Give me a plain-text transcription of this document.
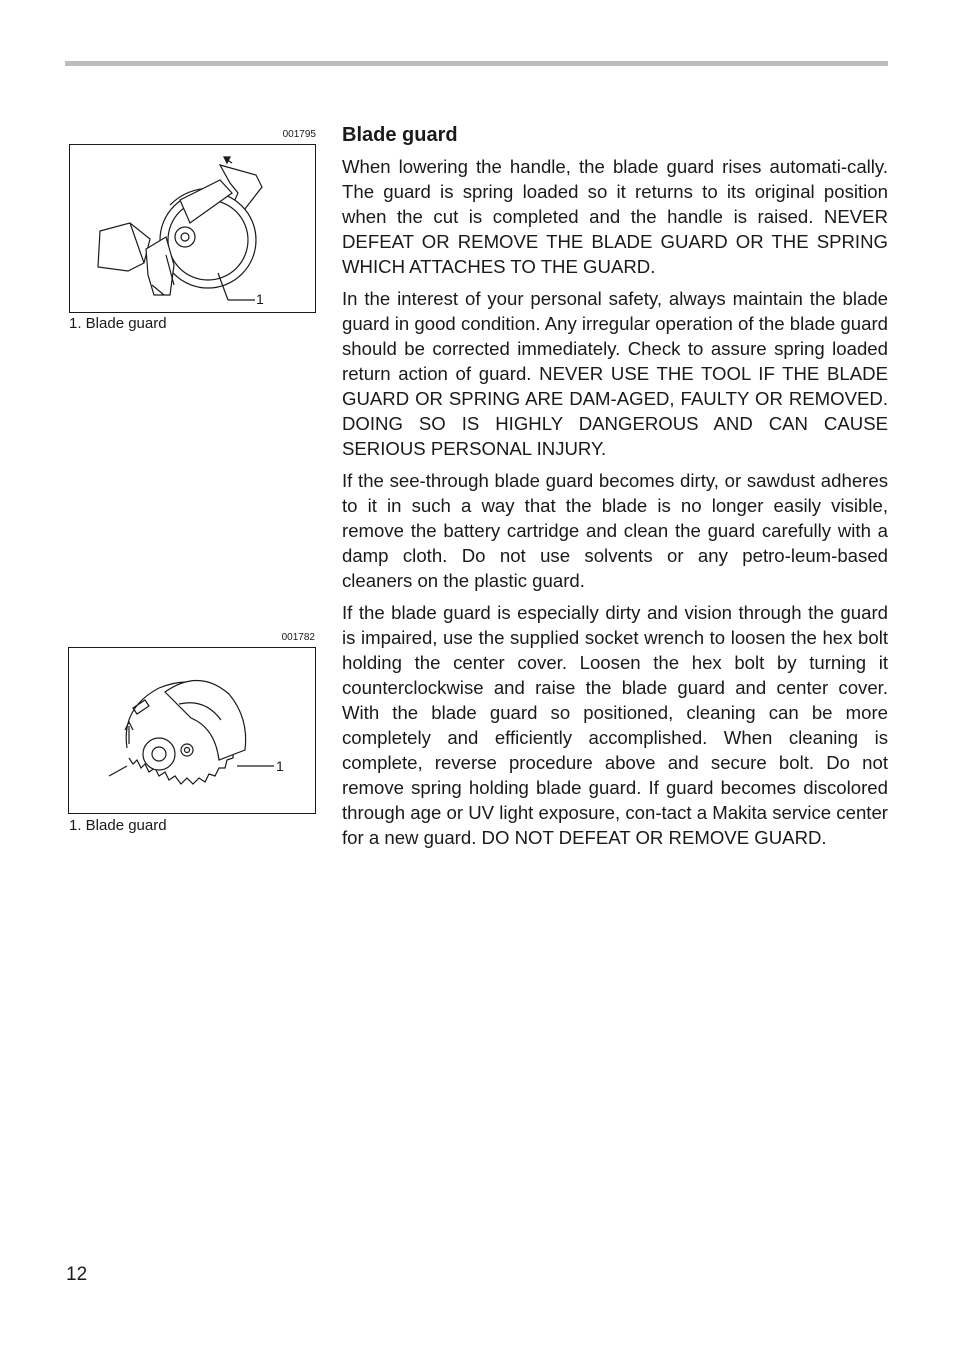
001795
1
1. Blade guard
001782
1
1. Blade guard
Blade guard

When lowering the handle, the blade guard rises automati-cally. The guard is spring loaded so it returns to its original position when the cut is completed and the handle is raised. NEVER DEFEAT OR REMOVE THE BLADE GUARD OR THE SPRING WHICH ATTACHES TO THE GUARD.

In the interest of your personal safety, always maintain the blade guard in good condition. Any irregular operation of the blade guard should be corrected immediately. Check to assure spring loaded return action of guard. NEVER USE THE TOOL IF THE BLADE GUARD OR SPRING ARE DAM-AGED, FAULTY OR REMOVED. DOING SO IS HIGHLY DANGEROUS AND CAN CAUSE SERIOUS PERSONAL INJURY.

If the see-through blade guard becomes dirty, or sawdust adheres to it in such a way that the blade is no longer easily visible, remove the battery cartridge and clean the guard carefully with a damp cloth. Do not use solvents or any petro-leum-based cleaners on the plastic guard.

If the blade guard is especially dirty and vision through the guard is impaired, use the supplied socket wrench to loosen the hex bolt holding the center cover. Loosen the hex bolt by turning it counterclockwise and raise the blade guard and center cover. With the blade guard so positioned, cleaning can be more completely and efficiently accomplished. When cleaning is complete, reverse procedure above and secure bolt. Do not remove spring holding blade guard. If guard becomes discolored through age or UV light exposure, con-tact a Makita service center for a new guard. DO NOT DEFEAT OR REMOVE GUARD.

12
